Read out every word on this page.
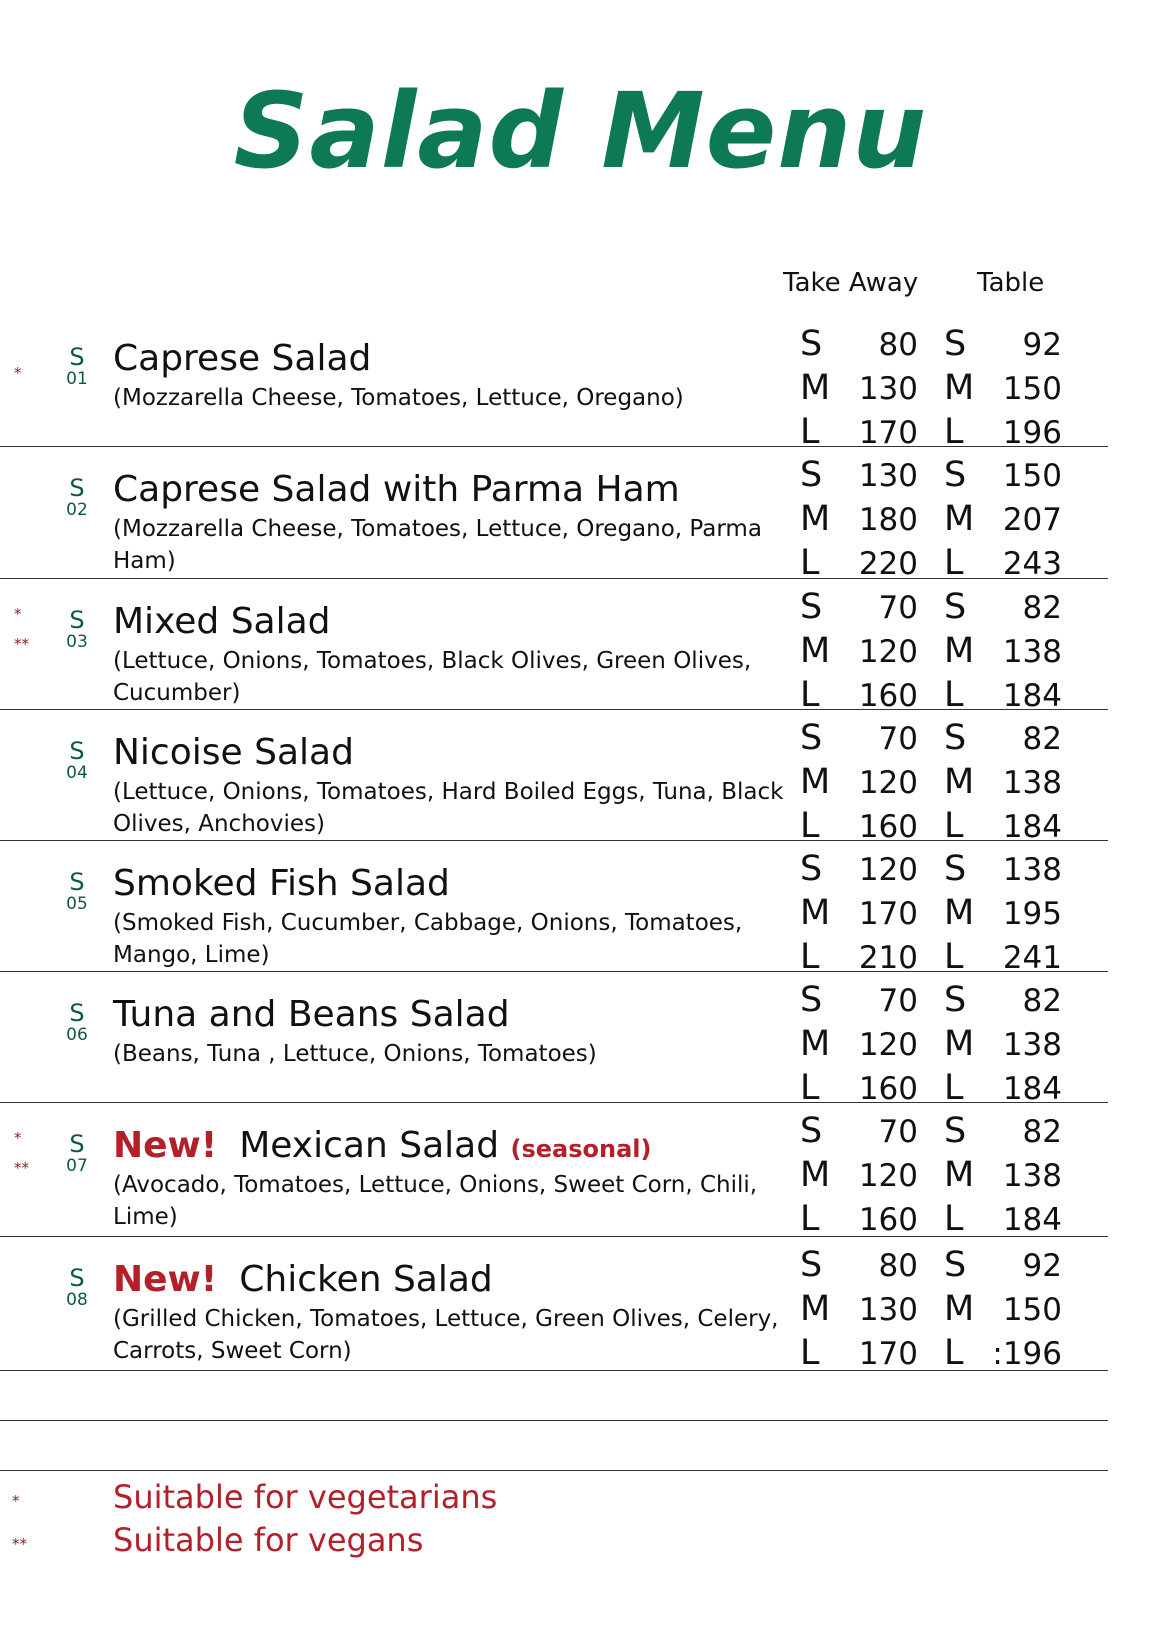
Salad Menu
Take Away Table
*
S
01
Caprese Salad
(Mozzarella Cheese, Tomatoes, Lettuce, Oregano)
S 80
M 130
L 170
S 92
M 150
L 196
S
02
Caprese Salad with Parma Ham
(Mozzarella Cheese, Tomatoes, Lettuce, Oregano, Parma Ham)
S 130
M 180
L 220
S 150
M 207
L 243
*
**
S
03
Mixed Salad
(Lettuce, Onions, Tomatoes, Black Olives, Green Olives, Cucumber)
S 70
M 120
L 160
S 82
M 138
L 184
S
04
Nicoise Salad
(Lettuce, Onions, Tomatoes, Hard Boiled Eggs, Tuna, Black Olives, Anchovies)
S 70
M 120
L 160
S 82
M 138
L 184
S
05
Smoked Fish Salad
(Smoked Fish, Cucumber, Cabbage, Onions, Tomatoes, Mango, Lime)
S 120
M 170
L 210
S 138
M 195
L 241
S
06
Tuna and Beans Salad
(Beans, Tuna , Lettuce, Onions, Tomatoes)
S 70
M 120
L 160
S 82
M 138
L 184
*
**
S
07
New! Mexican Salad (seasonal)
(Avocado, Tomatoes, Lettuce, Onions, Sweet Corn, Chili, Lime)
S 70
M 120
L 160
S 82
M 138
L 184
S
08
New! Chicken Salad
(Grilled Chicken, Tomatoes, Lettuce, Green Olives, Celery, Carrots, Sweet Corn)
S 80
M 130
L 170
S 92
M 150
L :196
*	Suitable for vegetarians
**	Suitable for vegans
